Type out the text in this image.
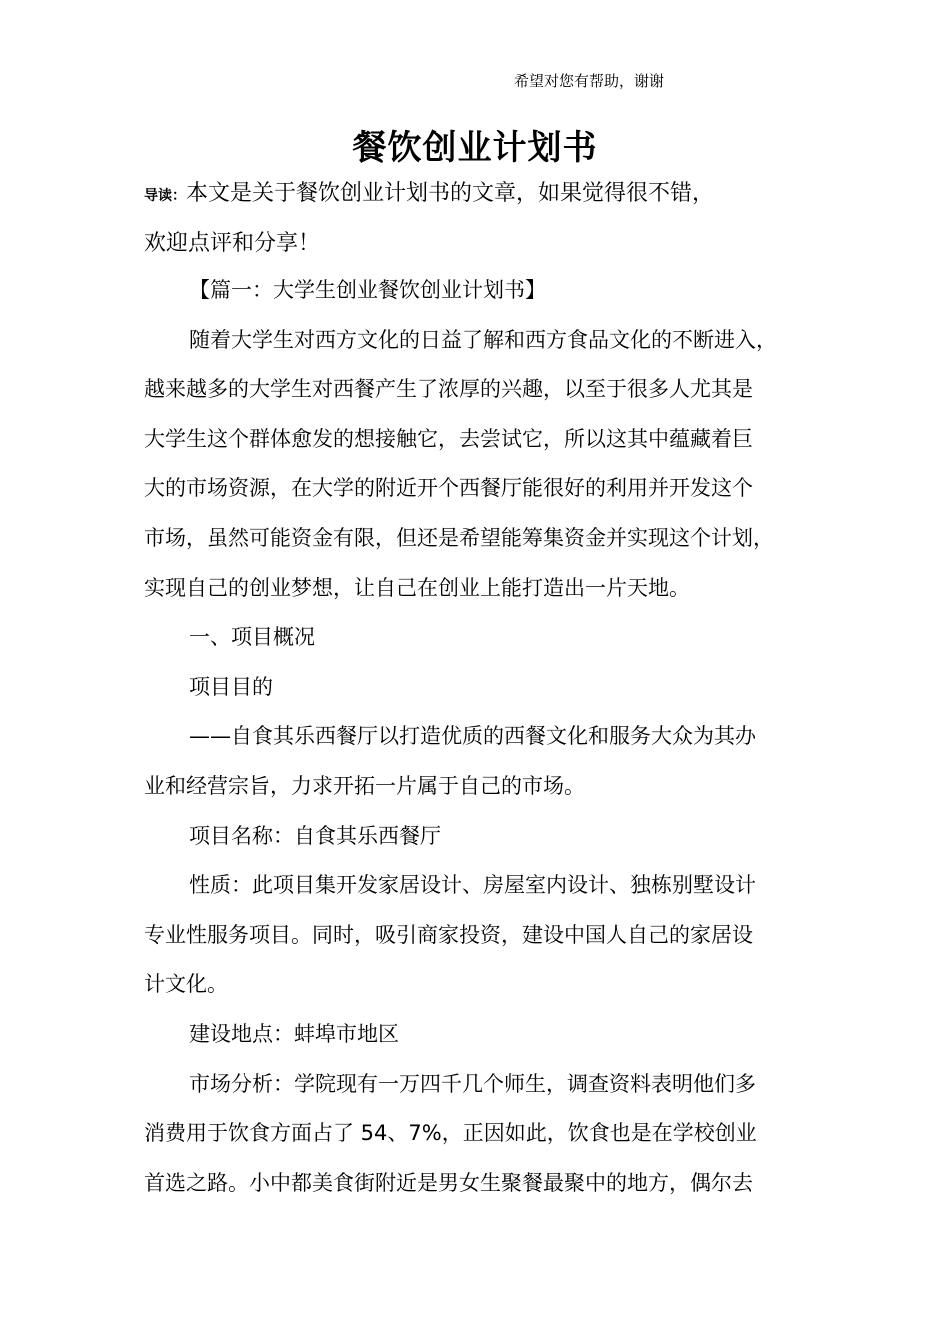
希望对您有帮助，谢谢
餐饮创业计划书
导读：本文是关于餐饮创业计划书的文章，如果觉得很不错，
欢迎点评和分享！
【篇一：大学生创业餐饮创业计划书】
随着大学生对西方文化的日益了解和西方食品文化的不断进入，
越来越多的大学生对西餐产生了浓厚的兴趣，以至于很多人尤其是
大学生这个群体愈发的想接触它，去尝试它，所以这其中蕴藏着巨
大的市场资源，在大学的附近开个西餐厅能很好的利用并开发这个
市场，虽然可能资金有限，但还是希望能筹集资金并实现这个计划，
实现自己的创业梦想，让自己在创业上能打造出一片天地。
一、项目概况
项目目的
——自食其乐西餐厅以打造优质的西餐文化和服务大众为其办
业和经营宗旨，力求开拓一片属于自己的市场。
项目名称：自食其乐西餐厅
性质：此项目集开发家居设计、房屋室内设计、独栋别墅设计
专业性服务项目。同时，吸引商家投资，建设中国人自己的家居设
计文化。
建设地点：蚌埠市地区
市场分析：学院现有一万四千几个师生，调查资料表明他们多
消费用于饮食方面占了 54、7%，正因如此，饮食也是在学校创业
首选之路。小中都美食街附近是男女生聚餐最聚中的地方，偶尔去
